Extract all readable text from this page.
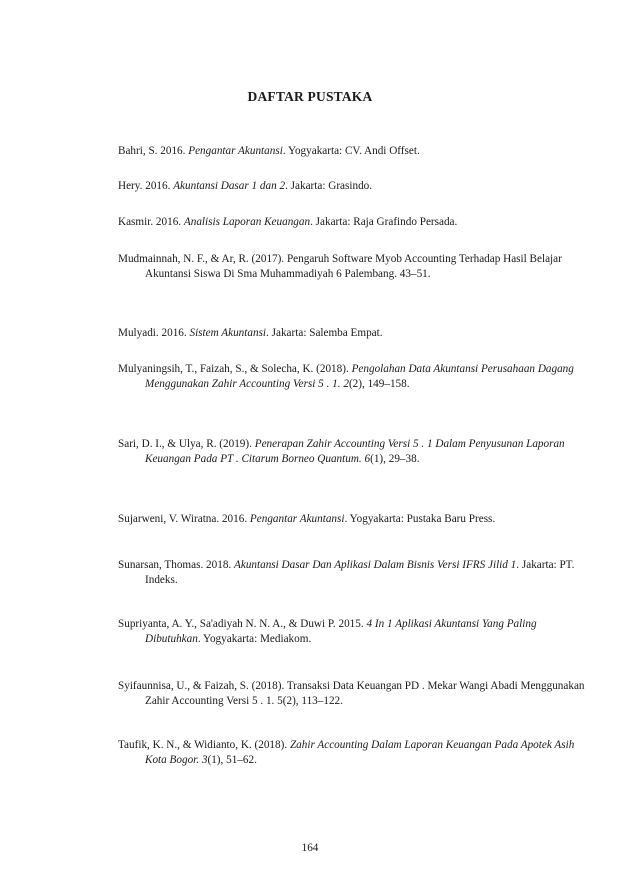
DAFTAR PUSTAKA
Bahri, S. 2016. Pengantar Akuntansi. Yogyakarta: CV. Andi Offset.
Hery. 2016. Akuntansi Dasar 1 dan 2. Jakarta: Grasindo.
Kasmir. 2016. Analisis Laporan Keuangan. Jakarta: Raja Grafindo Persada.
Mudmainnah, N. F., & Ar, R. (2017). Pengaruh Software Myob Accounting Terhadap Hasil Belajar Akuntansi Siswa Di Sma Muhammadiyah 6 Palembang. 43–51.
Mulyadi. 2016. Sistem Akuntansi. Jakarta: Salemba Empat.
Mulyaningsih, T., Faizah, S., & Solecha, K. (2018). Pengolahan Data Akuntansi Perusahaan Dagang Menggunakan Zahir Accounting Versi 5 . 1. 2(2), 149–158.
Sari, D. I., & Ulya, R. (2019). Penerapan Zahir Accounting Versi 5 . 1 Dalam Penyusunan Laporan Keuangan Pada PT . Citarum Borneo Quantum. 6(1), 29–38.
Sujarweni, V. Wiratna. 2016. Pengantar Akuntansi. Yogyakarta: Pustaka Baru Press.
Sunarsan, Thomas. 2018. Akuntansi Dasar Dan Aplikasi Dalam Bisnis Versi IFRS Jilid 1. Jakarta: PT. Indeks.
Supriyanta, A. Y., Sa'adiyah N. N. A., & Duwi P. 2015. 4 In 1 Aplikasi Akuntansi Yang Paling Dibutuhkan. Yogyakarta: Mediakom.
Syifaunnisa, U., & Faizah, S. (2018). Transaksi Data Keuangan PD . Mekar Wangi Abadi Menggunakan Zahir Accounting Versi 5 . 1. 5(2), 113–122.
Taufik, K. N., & Widianto, K. (2018). Zahir Accounting Dalam Laporan Keuangan Pada Apotek Asih Kota Bogor. 3(1), 51–62.
164
